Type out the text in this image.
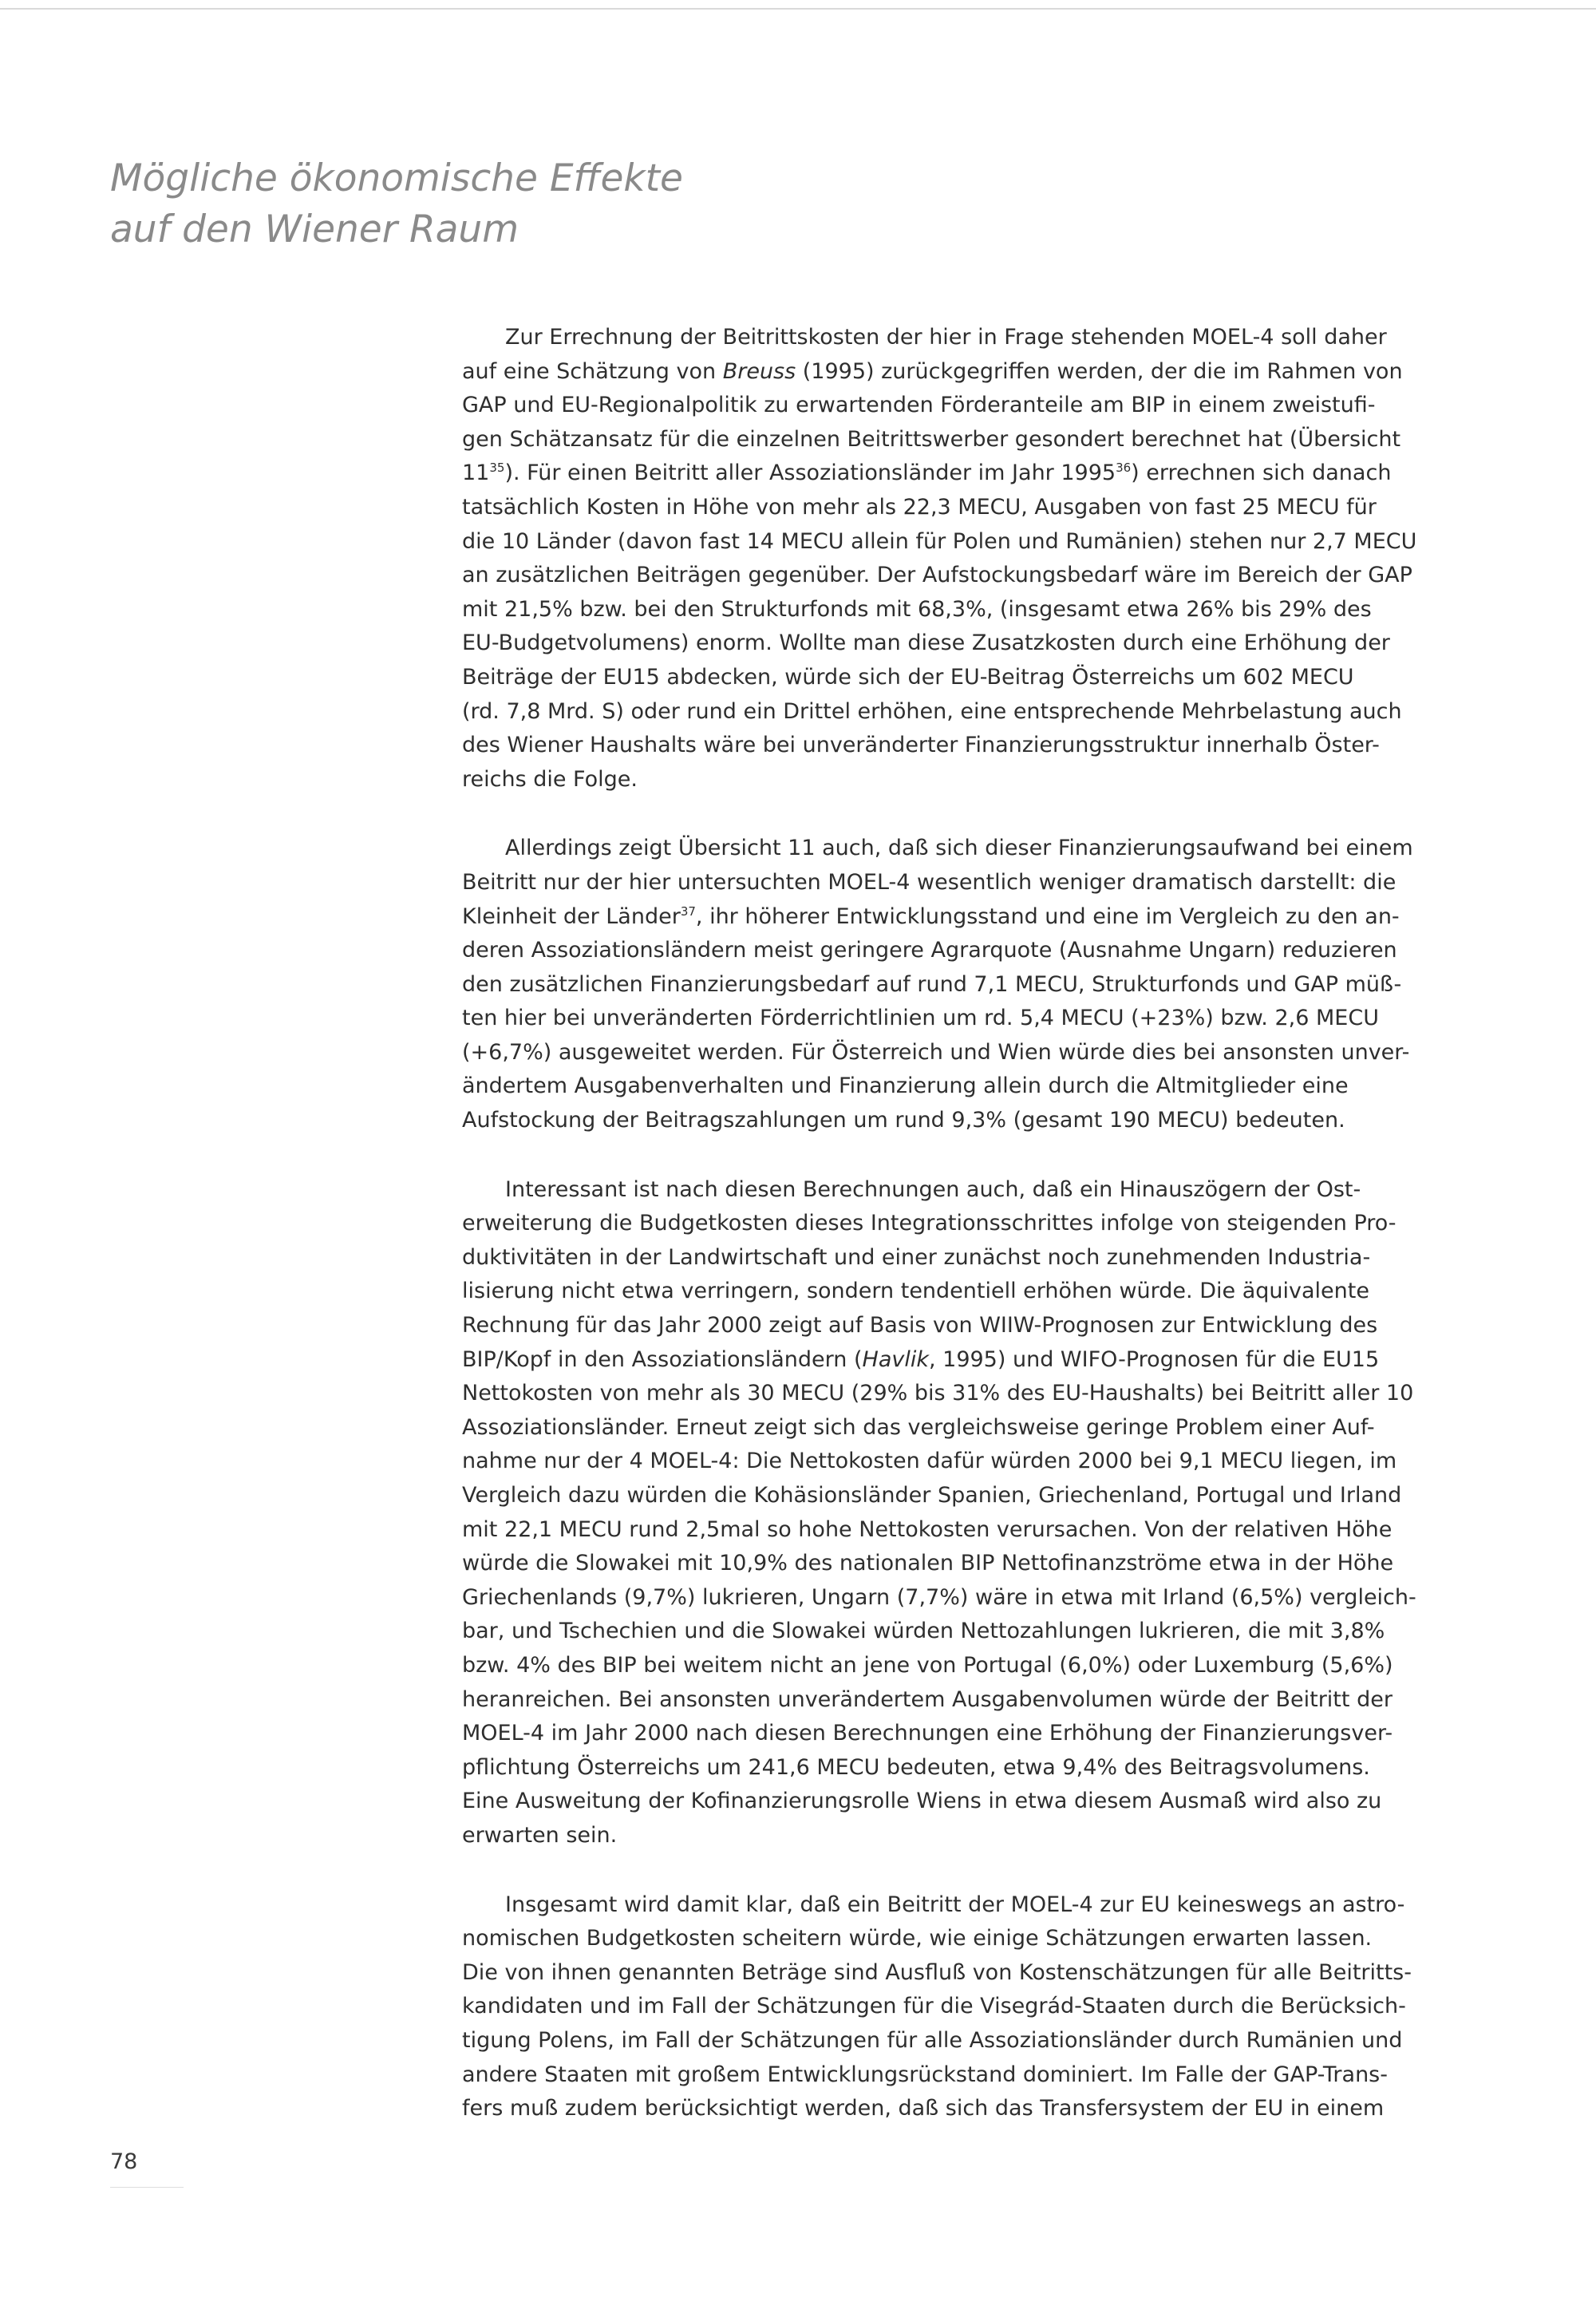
Mögliche ökonomische Effekte
auf den Wiener Raum

Zur Errechnung der Beitrittskosten der hier in Frage stehenden MOEL-4 soll daher
auf eine Schätzung von Breuss (1995) zurückgegriffen werden, der die im Rahmen von
GAP und EU-Regionalpolitik zu erwartenden Förderanteile am BIP in einem zweistufi-
gen Schätzansatz für die einzelnen Beitrittswerber gesondert berechnet hat (Übersicht
$11^{35}$). Für einen Beitritt aller Assoziationsländer im Jahr 1995$^{36}$) errechnen sich danach
tatsächlich Kosten in Höhe von mehr als 22,3 MECU, Ausgaben von fast 25 MECU für
die 10 Länder (davon fast 14 MECU allein für Polen und Rumänien) stehen nur 2,7 MECU
an zusätzlichen Beiträgen gegenüber. Der Aufstockungsbedarf wäre im Bereich der GAP
mit 21,5% bzw. bei den Strukturfonds mit 68,3%, (insgesamt etwa 26% bis 29% des
EU-Budgetvolumens) enorm. Wollte man diese Zusatzkosten durch eine Erhöhung der
Beiträge der EU15 abdecken, würde sich der EU-Beitrag Österreichs um 602 MECU
(rd. 7,8 Mrd. S) oder rund ein Drittel erhöhen, eine entsprechende Mehrbelastung auch
des Wiener Haushalts wäre bei unveränderter Finanzierungsstruktur innerhalb Öster-
reichs die Folge.

Allerdings zeigt Übersicht 11 auch, daß sich dieser Finanzierungsaufwand bei einem
Beitritt nur der hier untersuchten MOEL-4 wesentlich weniger dramatisch darstellt: die
Kleinheit der Länder$^{37}$, ihr höherer Entwicklungsstand und eine im Vergleich zu den an-
deren Assoziationsländern meist geringere Agrarquote (Ausnahme Ungarn) reduzieren
den zusätzlichen Finanzierungsbedarf auf rund 7,1 MECU, Strukturfonds und GAP müß-
ten hier bei unveränderten Förderrichtlinien um rd. 5,4 MECU (+23%) bzw. 2,6 MECU
(+6,7%) ausgeweitet werden. Für Österreich und Wien würde dies bei ansonsten unver-
ändertem Ausgabenverhalten und Finanzierung allein durch die Altmitglieder eine
Aufstockung der Beitragszahlungen um rund 9,3% (gesamt 190 MECU) bedeuten.

Interessant ist nach diesen Berechnungen auch, daß ein Hinauszögern der Ost-
erweiterung die Budgetkosten dieses Integrationsschrittes infolge von steigenden Pro-
duktivitäten in der Landwirtschaft und einer zunächst noch zunehmenden Industria-
lisierung nicht etwa verringern, sondern tendentiell erhöhen würde. Die äquivalente
Rechnung für das Jahr 2000 zeigt auf Basis von WIIW-Prognosen zur Entwicklung des
BIP/Kopf in den Assoziationsländern (Havlik, 1995) und WIFO-Prognosen für die EU15
Nettokosten von mehr als 30 MECU (29% bis 31% des EU-Haushalts) bei Beitritt aller 10
Assoziationsländer. Erneut zeigt sich das vergleichsweise geringe Problem einer Auf-
nahme nur der 4 MOEL-4: Die Nettokosten dafür würden 2000 bei 9,1 MECU liegen, im
Vergleich dazu würden die Kohäsionsländer Spanien, Griechenland, Portugal und Irland
mit 22,1 MECU rund 2,5mal so hohe Nettokosten verursachen. Von der relativen Höhe
würde die Slowakei mit 10,9% des nationalen BIP Nettofinanzströme etwa in der Höhe
Griechenlands (9,7%) lukrieren, Ungarn (7,7%) wäre in etwa mit Irland (6,5%) vergleich-
bar, und Tschechien und die Slowakei würden Nettozahlungen lukrieren, die mit 3,8%
bzw. 4% des BIP bei weitem nicht an jene von Portugal (6,0%) oder Luxemburg (5,6%)
heranreichen. Bei ansonsten unverändertem Ausgabenvolumen würde der Beitritt der
MOEL-4 im Jahr 2000 nach diesen Berechnungen eine Erhöhung der Finanzierungsver-
pflichtung Österreichs um 241,6 MECU bedeuten, etwa 9,4% des Beitragsvolumens.
Eine Ausweitung der Kofinanzierungsrolle Wiens in etwa diesem Ausmaß wird also zu
erwarten sein.

Insgesamt wird damit klar, daß ein Beitritt der MOEL-4 zur EU keineswegs an astro-
nomischen Budgetkosten scheitern würde, wie einige Schätzungen erwarten lassen.
Die von ihnen genannten Beträge sind Ausfluß von Kostenschätzungen für alle Beitritts-
kandidaten und im Fall der Schätzungen für die Visegrád-Staaten durch die Berücksich-
tigung Polens, im Fall der Schätzungen für alle Assoziationsländer durch Rumänien und
andere Staaten mit großem Entwicklungsrückstand dominiert. Im Falle der GAP-Trans-
fers muß zudem berücksichtigt werden, daß sich das Transfersystem der EU in einem

78
